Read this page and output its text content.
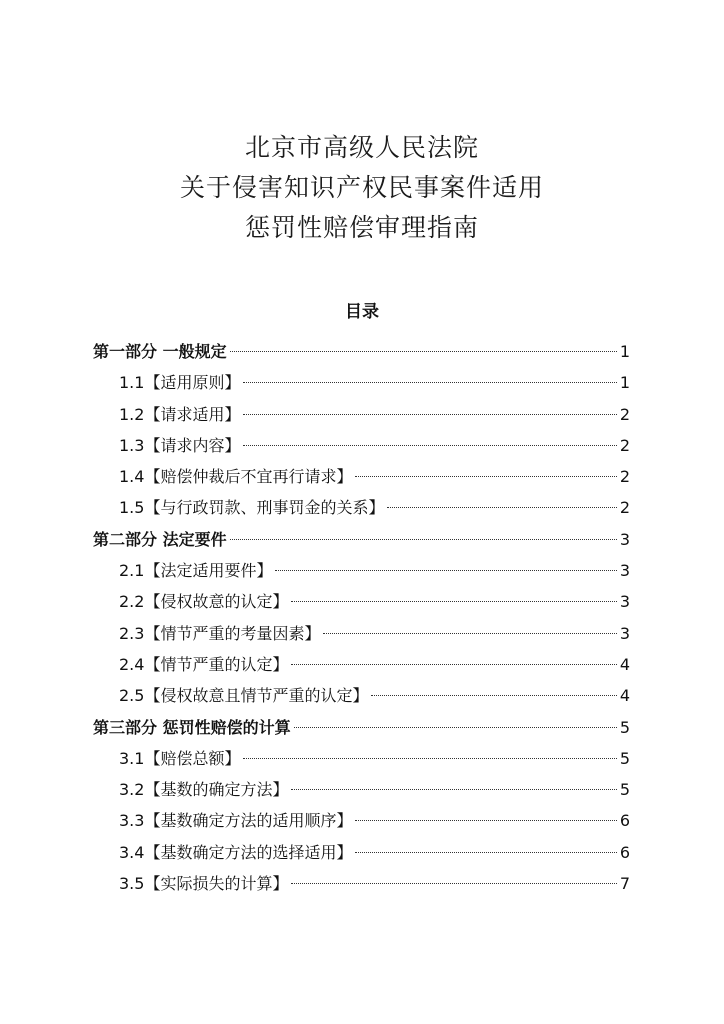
北京市高级人民法院
关于侵害知识产权民事案件适用
惩罚性赔偿审理指南
目录
第一部分 一般规定	1
1.1【适用原则】	1
1.2【请求适用】	2
1.3【请求内容】	2
1.4【赔偿仲裁后不宜再行请求】	2
1.5【与行政罚款、刑事罚金的关系】	2
第二部分 法定要件	3
2.1【法定适用要件】	3
2.2【侵权故意的认定】	3
2.3【情节严重的考量因素】	3
2.4【情节严重的认定】	4
2.5【侵权故意且情节严重的认定】	4
第三部分 惩罚性赔偿的计算	5
3.1【赔偿总额】	5
3.2【基数的确定方法】	5
3.3【基数确定方法的适用顺序】	6
3.4【基数确定方法的选择适用】	6
3.5【实际损失的计算】	7
